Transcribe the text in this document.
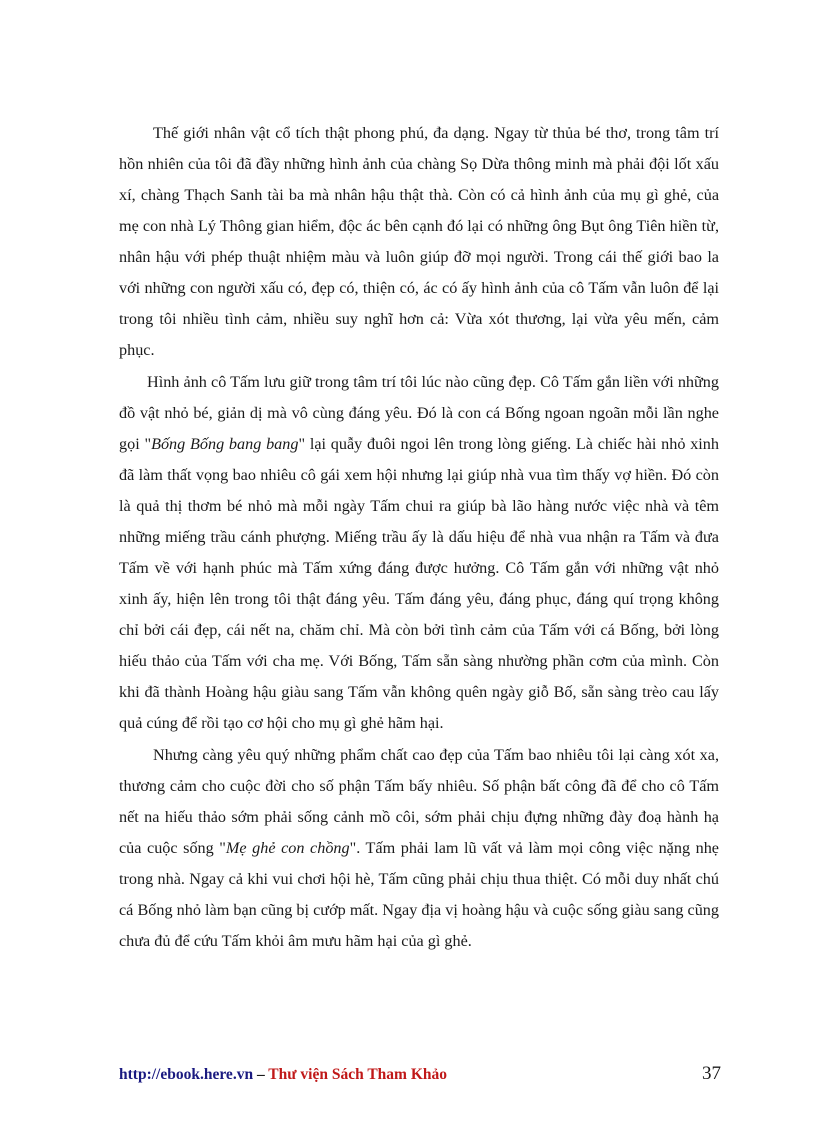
Thế giới nhân vật cổ tích thật phong phú, đa dạng. Ngay từ thủa bé thơ, trong tâm trí hồn nhiên của tôi đã đầy những hình ảnh của chàng Sọ Dừa thông minh mà phải đội lốt xấu xí, chàng Thạch Sanh tài ba mà nhân hậu thật thà. Còn có cả hình ảnh của mụ gì ghẻ, của mẹ con nhà Lý Thông gian hiểm, độc ác bên cạnh đó lại có những ông Bụt ông Tiên hiền từ, nhân hậu với phép thuật nhiệm màu và luôn giúp đỡ mọi người. Trong cái thế giới bao la với những con người xấu có, đẹp có, thiện có, ác có ấy hình ảnh của cô Tấm vẫn luôn để lại trong tôi nhiều tình cảm, nhiều suy nghĩ hơn cả: Vừa xót thương, lại vừa yêu mến, cảm phục.

Hình ảnh cô Tấm lưu giữ trong tâm trí tôi lúc nào cũng đẹp. Cô Tấm gắn liền với những đồ vật nhỏ bé, giản dị mà vô cùng đáng yêu. Đó là con cá Bống ngoan ngoãn mỗi lần nghe gọi "Bống Bống bang bang" lại quẫy đuôi ngoi lên trong lòng giếng. Là chiếc hài nhỏ xinh đã làm thất vọng bao nhiêu cô gái xem hội nhưng lại giúp nhà vua tìm thấy vợ hiền. Đó còn là quả thị thơm bé nhỏ mà mỗi ngày Tấm chui ra giúp bà lão hàng nước việc nhà và têm những miếng trầu cánh phượng. Miếng trầu ấy là dấu hiệu để nhà vua nhận ra Tấm và đưa Tấm về với hạnh phúc mà Tấm xứng đáng được hưởng. Cô Tấm gắn với những vật nhỏ xinh ấy, hiện lên trong tôi thật đáng yêu. Tấm đáng yêu, đáng phục, đáng quí trọng không chỉ bởi cái đẹp, cái nết na, chăm chỉ. Mà còn bởi tình cảm của Tấm với cá Bống, bởi lòng hiếu thảo của Tấm với cha mẹ. Với Bống, Tấm sẵn sàng nhường phần cơm của mình. Còn khi đã thành Hoàng hậu giàu sang Tấm vẫn không quên ngày giỗ Bố, sẵn sàng trèo cau lấy quả cúng để rồi tạo cơ hội cho mụ gì ghẻ hãm hại.

Nhưng càng yêu quý những phẩm chất cao đẹp của Tấm bao nhiêu tôi lại càng xót xa, thương cảm cho cuộc đời cho số phận Tấm bấy nhiêu. Số phận bất công đã để cho cô Tấm nết na hiếu thảo sớm phải sống cảnh mồ côi, sớm phải chịu đựng những đày đoạ hành hạ của cuộc sống "Mẹ ghẻ con chồng". Tấm phải lam lũ vất vả làm mọi công việc nặng nhẹ trong nhà. Ngay cả khi vui chơi hội hè, Tấm cũng phải chịu thua thiệt. Có mỗi duy nhất chú cá Bống nhỏ làm bạn cũng bị cướp mất. Ngay địa vị hoàng hậu và cuộc sống giàu sang cũng chưa đủ để cứu Tấm khỏi âm mưu hãm hại của gì ghẻ.

http://ebook.here.vn – Thư viện Sách Tham Khảo	37
